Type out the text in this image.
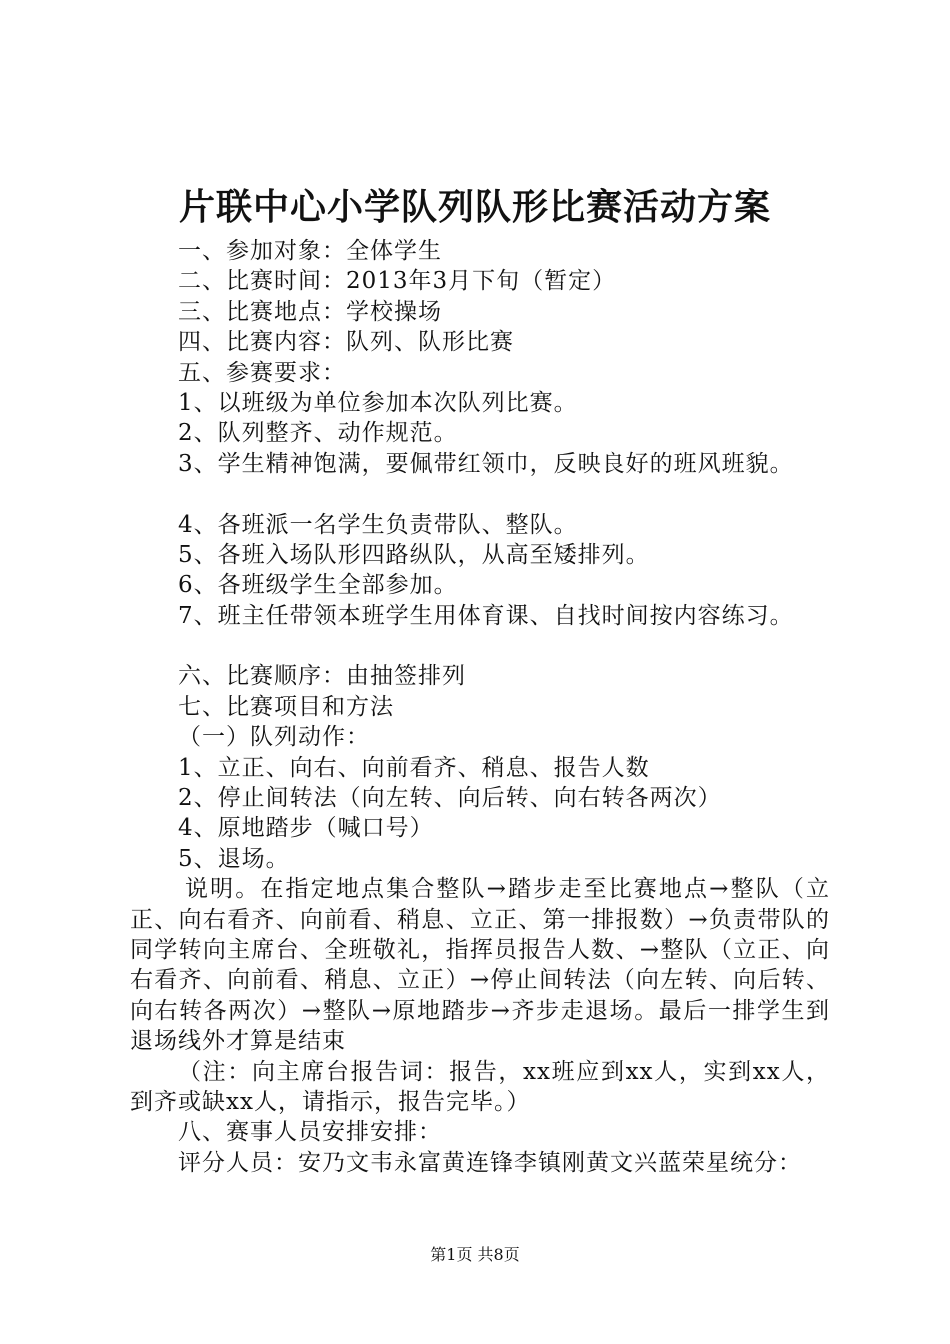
片联中心小学队列队形比赛活动方案
一、参加对象：全体学生
二、比赛时间：2013年3月下旬（暂定）
三、比赛地点：学校操场
四、比赛内容：队列、队形比赛
五、参赛要求：
1、以班级为单位参加本次队列比赛。
2、队列整齐、动作规范。
3、学生精神饱满，要佩带红领巾，反映良好的班风班貌。
4、各班派一名学生负责带队、整队。
5、各班入场队形四路纵队，从高至矮排列。
6、各班级学生全部参加。
7、班主任带领本班学生用体育课、自找时间按内容练习。
六、比赛顺序：由抽签排列
七、比赛项目和方法
（一）队列动作：
1、立正、向右、向前看齐、稍息、报告人数
2、停止间转法（向左转、向后转、向右转各两次）
4、原地踏步（喊口号）
5、退场。
说明。在指定地点集合整队→踏步走至比赛地点→整队（立正、向右看齐、向前看、稍息、立正、第一排报数）→负责带队的同学转向主席台、全班敬礼，指挥员报告人数、→整队（立正、向右看齐、向前看、稍息、立正）→停止间转法（向左转、向后转、向右转各两次）→整队→原地踏步→齐步走退场。最后一排学生到退场线外才算是结束
（注：向主席台报告词：报告，xx班应到xx人，实到xx人，到齐或缺xx人，请指示，报告完毕。）
八、赛事人员安排安排：
评分人员：安乃文韦永富黄连锋李镇刚黄文兴蓝荣星统分：
第1页 共8页
